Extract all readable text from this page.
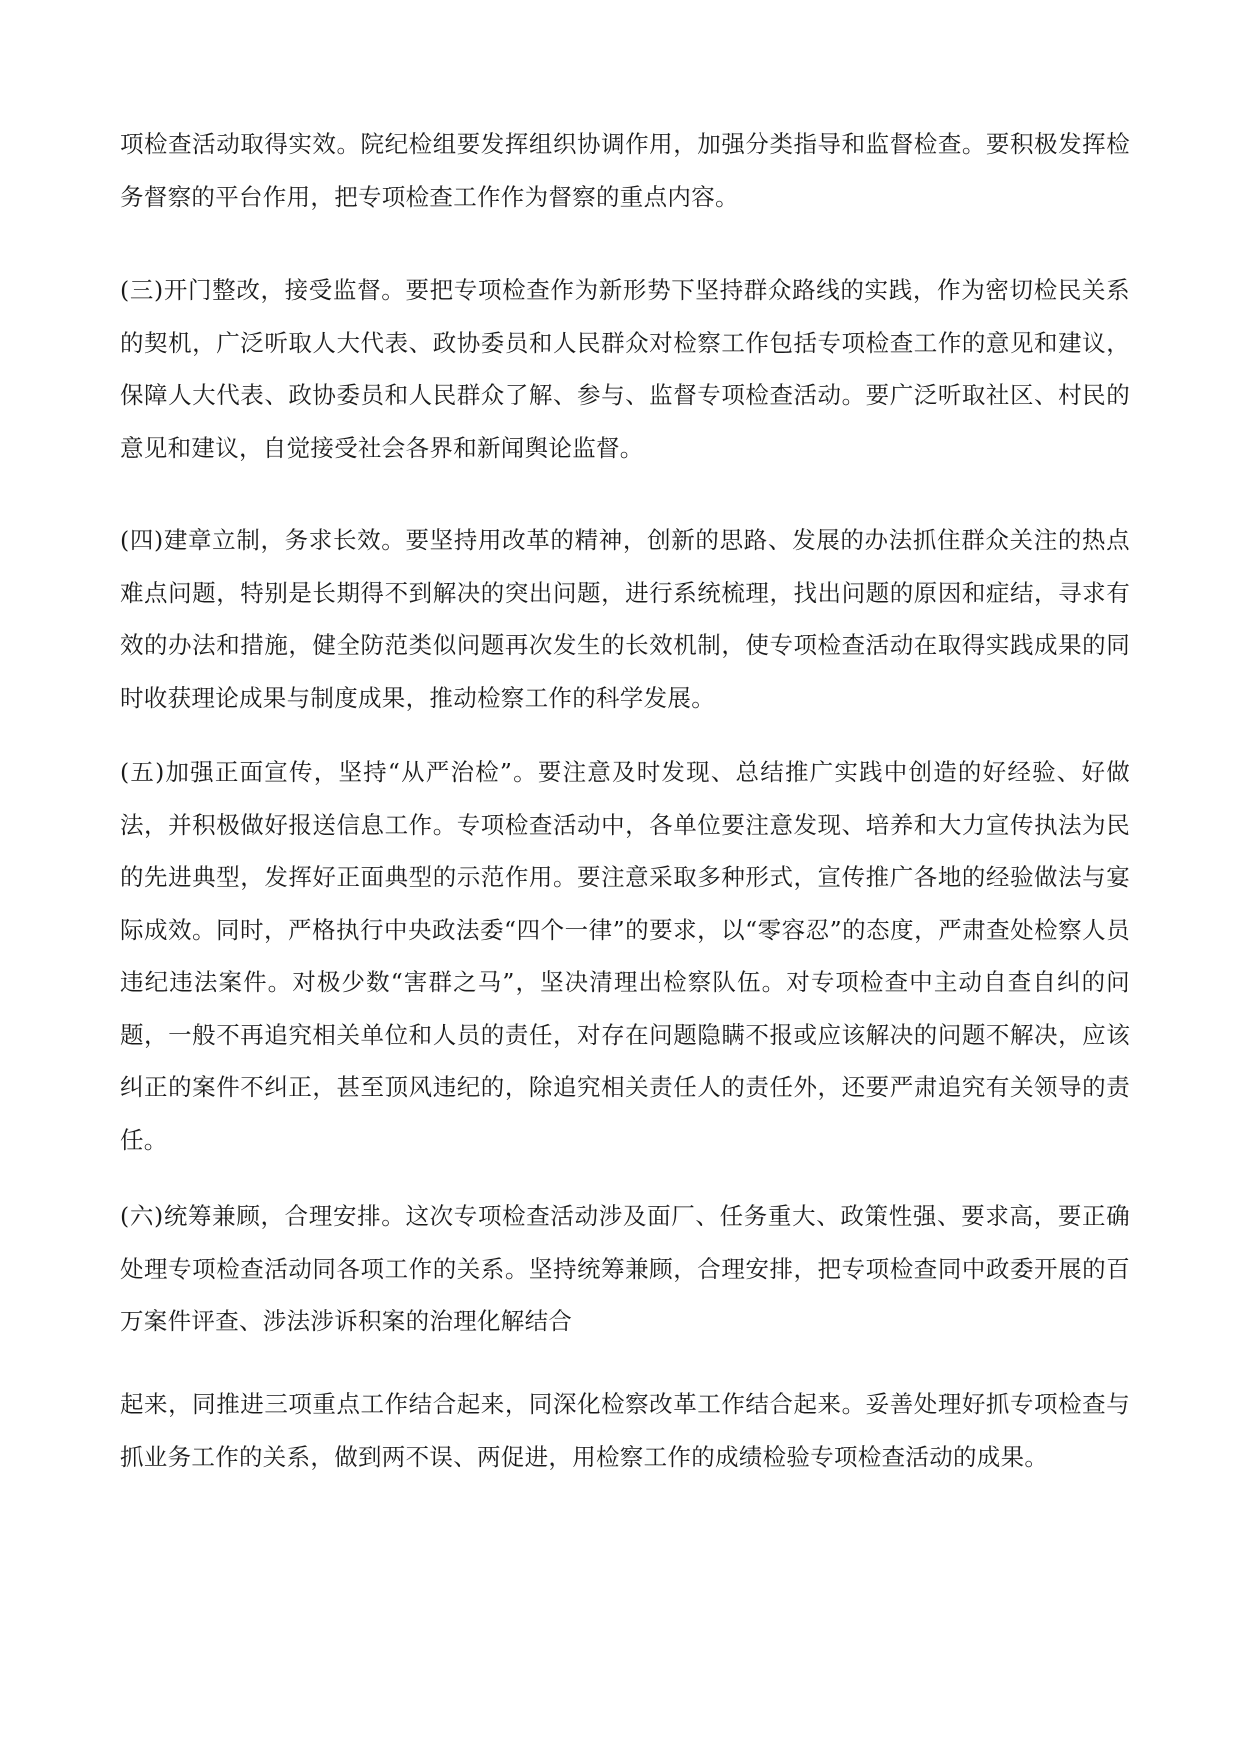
项检查活动取得实效。院纪检组要发挥组织协调作用，加强分类指导和监督检查。要积极发挥检务督察的平台作用，把专项检查工作作为督察的重点内容。

(三)开门整改，接受监督。要把专项检查作为新形势下坚持群众路线的实践，作为密切检民关系的契机，广泛听取人大代表、政协委员和人民群众对检察工作包括专项检查工作的意见和建议，保障人大代表、政协委员和人民群众了解、参与、监督专项检查活动。要广泛听取社区、村民的意见和建议，自觉接受社会各界和新闻舆论监督。

(四)建章立制，务求长效。要坚持用改革的精神，创新的思路、发展的办法抓住群众关注的热点难点问题，特别是长期得不到解决的突出问题，进行系统梳理，找出问题的原因和症结，寻求有效的办法和措施，健全防范类似问题再次发生的长效机制，使专项检查活动在取得实践成果的同时收获理论成果与制度成果，推动检察工作的科学发展。

(五)加强正面宣传，坚持“从严治检”。要注意及时发现、总结推广实践中创造的好经验、好做法，并积极做好报送信息工作。专项检查活动中，各单位要注意发现、培养和大力宣传执法为民的先进典型，发挥好正面典型的示范作用。要注意采取多种形式，宣传推广各地的经验做法与宴际成效。同时，严格执行中央政法委“四个一律”的要求，以“零容忍”的态度，严肃查处检察人员违纪违法案件。对极少数“害群之马”，坚决清理出检察队伍。对专项检查中主动自查自纠的问题，一般不再追究相关单位和人员的责任，对存在问题隐瞒不报或应该解决的问题不解决，应该纠正的案件不纠正，甚至顶风违纪的，除追究相关责任人的责任外，还要严肃追究有关领导的责任。

(六)统筹兼顾，合理安排。这次专项检查活动涉及面厂、任务重大、政策性强、要求高，要正确处理专项检查活动同各项工作的关系。坚持统筹兼顾，合理安排，把专项检查同中政委开展的百万案件评查、涉法涉诉积案的治理化解结合

起来，同推进三项重点工作结合起来，同深化检察改革工作结合起来。妥善处理好抓专项检查与抓业务工作的关系，做到两不误、两促进，用检察工作的成绩检验专项检查活动的成果。
